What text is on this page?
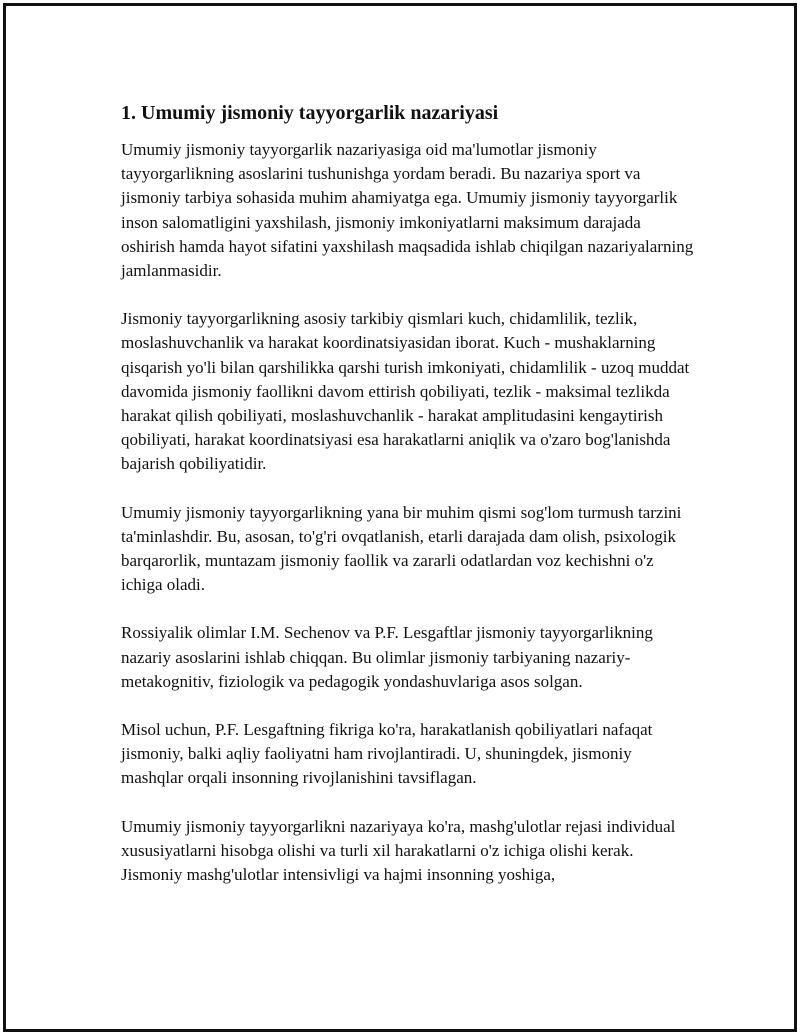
1. Umumiy jismoniy tayyorgarlik nazariyasi

Umumiy jismoniy tayyorgarlik nazariyasiga oid ma'lumotlar jismoniy tayyorgarlikning asoslarini tushunishga yordam beradi. Bu nazariya sport va jismoniy tarbiya sohasida muhim ahamiyatga ega. Umumiy jismoniy tayyorgarlik inson salomatligini yaxshilash, jismoniy imkoniyatlarni maksimum darajada oshirish hamda hayot sifatini yaxshilash maqsadida ishlab chiqilgan nazariyalarning jamlanmasidir.

Jismoniy tayyorgarlikning asosiy tarkibiy qismlari kuch, chidamlilik, tezlik, moslashuvchanlik va harakat koordinatsiyasidan iborat. Kuch - mushaklarning qisqarish yo'li bilan qarshilikka qarshi turish imkoniyati, chidamlilik - uzoq muddat davomida jismoniy faollikni davom ettirish qobiliyati, tezlik - maksimal tezlikda harakat qilish qobiliyati, moslashuvchanlik - harakat amplitudasini kengaytirish qobiliyati, harakat koordinatsiyasi esa harakatlarni aniqlik va o'zaro bog'lanishda bajarish qobiliyatidir.

Umumiy jismoniy tayyorgarlikning yana bir muhim qismi sog'lom turmush tarzini ta'minlashdir. Bu, asosan, to'g'ri ovqatlanish, etarli darajada dam olish, psixologik barqarorlik, muntazam jismoniy faollik va zararli odatlardan voz kechishni o'z ichiga oladi.

Rossiyalik olimlar I.M. Sechenov va P.F. Lesgaftlar jismoniy tayyorgarlikning nazariy asoslarini ishlab chiqqan. Bu olimlar jismoniy tarbiyaning nazariy-metakognitiv, fiziologik va pedagogik yondashuvlariga asos solgan.

Misol uchun, P.F. Lesgaftning fikriga ko'ra, harakatlanish qobiliyatlari nafaqat jismoniy, balki aqliy faoliyatni ham rivojlantiradi. U, shuningdek, jismoniy mashqlar orqali insonning rivojlanishini tavsiflagan.

Umumiy jismoniy tayyorgarlikni nazariyaya ko'ra, mashg'ulotlar rejasi individual xususiyatlarni hisobga olishi va turli xil harakatlarni o'z ichiga olishi kerak. Jismoniy mashg'ulotlar intensivligi va hajmi insonning yoshiga,
